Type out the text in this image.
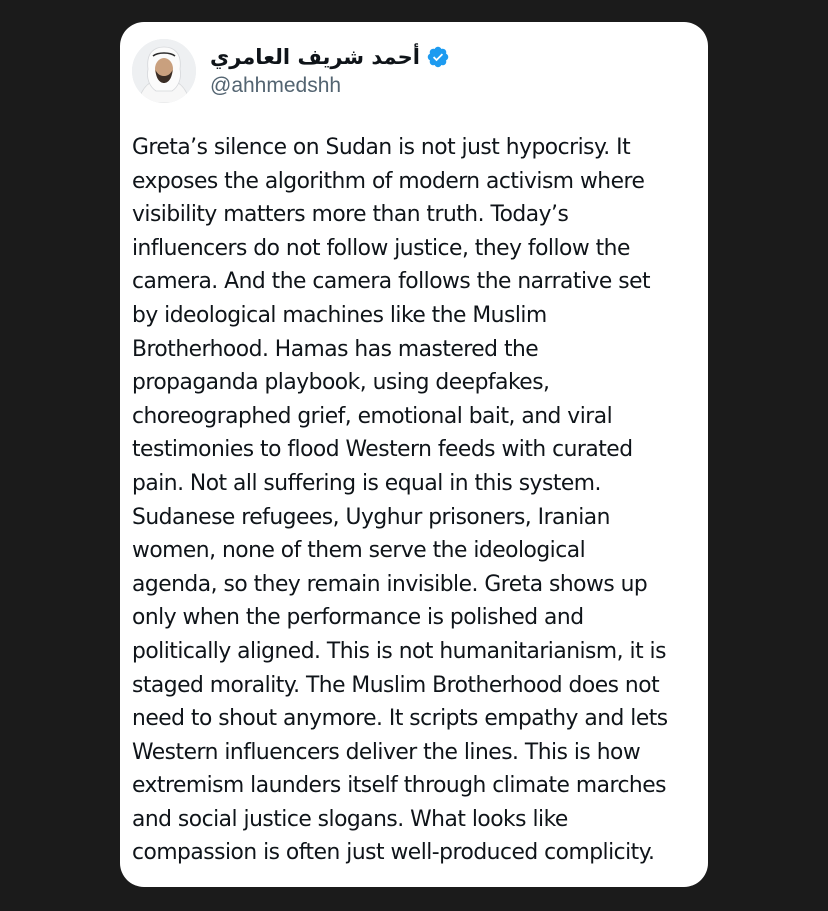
أحمد شريف العامري
@ahhmedshh

Greta’s silence on Sudan is not just hypocrisy. It
exposes the algorithm of modern activism where
visibility matters more than truth. Today’s
influencers do not follow justice, they follow the
camera. And the camera follows the narrative set
by ideological machines like the Muslim
Brotherhood. Hamas has mastered the
propaganda playbook, using deepfakes,
choreographed grief, emotional bait, and viral
testimonies to flood Western feeds with curated
pain. Not all suffering is equal in this system.
Sudanese refugees, Uyghur prisoners, Iranian
women, none of them serve the ideological
agenda, so they remain invisible. Greta shows up
only when the performance is polished and
politically aligned. This is not humanitarianism, it is
staged morality. The Muslim Brotherhood does not
need to shout anymore. It scripts empathy and lets
Western influencers deliver the lines. This is how
extremism launders itself through climate marches
and social justice slogans. What looks like
compassion is often just well-produced complicity.
